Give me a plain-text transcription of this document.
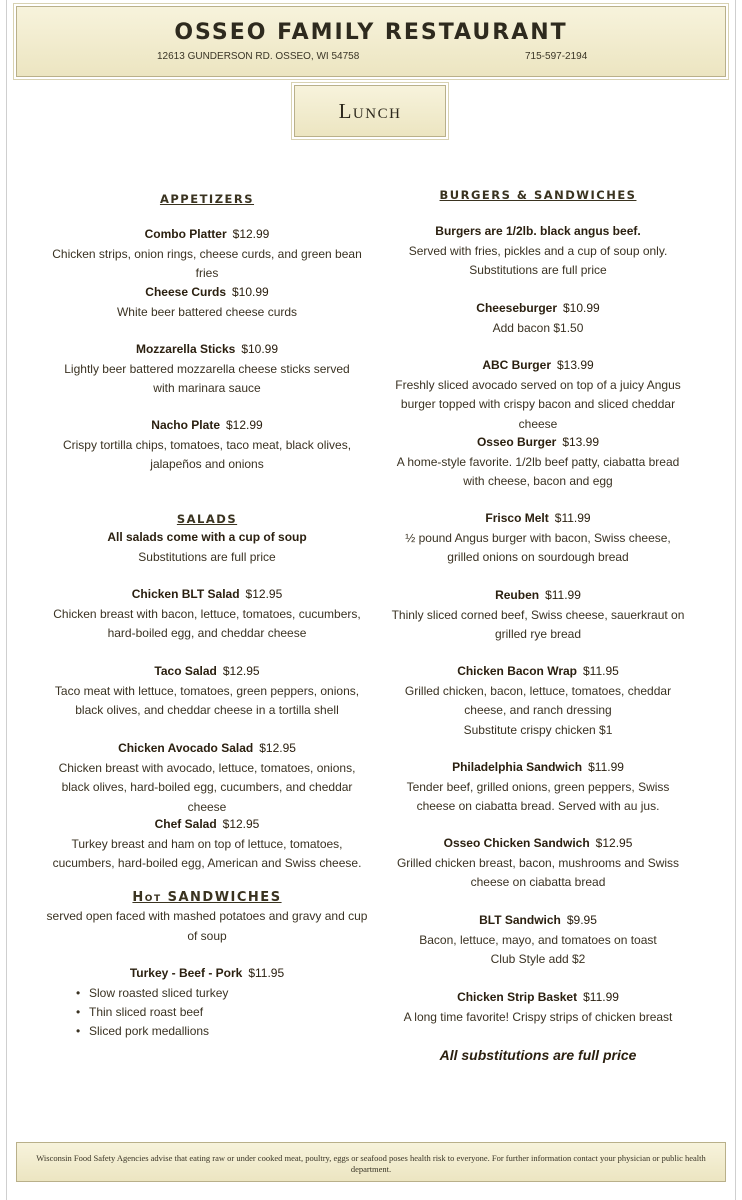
OSSEO FAMILY RESTAURANT
12613 GUNDERSON RD. OSSEO, WI 54758	715-597-2194
Lunch
APPETIZERS
Combo Platter $12.99
Chicken strips, onion rings, cheese curds, and green bean fries
Cheese Curds $10.99
White beer battered cheese curds
Mozzarella Sticks $10.99
Lightly beer battered mozzarella cheese sticks served with marinara sauce
Nacho Plate $12.99
Crispy tortilla chips, tomatoes, taco meat, black olives, jalapeños and onions
SALADS
All salads come with a cup of soup
Substitutions are full price
Chicken BLT Salad $12.95
Chicken breast with bacon, lettuce, tomatoes, cucumbers, hard-boiled egg, and cheddar cheese
Taco Salad $12.95
Taco meat with lettuce, tomatoes, green peppers, onions, black olives, and cheddar cheese in a tortilla shell
Chicken Avocado Salad $12.95
Chicken breast with avocado, lettuce, tomatoes, onions, black olives, hard-boiled egg, cucumbers, and cheddar cheese
Chef Salad $12.95
Turkey breast and ham on top of lettuce, tomatoes, cucumbers, hard-boiled egg, American and Swiss cheese.
Hot SANDWICHES
served open faced with mashed potatoes and gravy and cup of soup
Turkey - Beef - Pork $11.95
• Slow roasted sliced turkey
• Thin sliced roast beef
• Sliced pork medallions
BURGERS & SANDWICHES
Burgers are 1/2lb. black angus beef.
Served with fries, pickles and a cup of soup only.
Substitutions are full price
Cheeseburger $10.99
Add bacon $1.50
ABC Burger $13.99
Freshly sliced avocado served on top of a juicy Angus burger topped with crispy bacon and sliced cheddar cheese
Osseo Burger $13.99
A home-style favorite. 1/2lb beef patty, ciabatta bread with cheese, bacon and egg
Frisco Melt $11.99
½ pound Angus burger with bacon, Swiss cheese, grilled onions on sourdough bread
Reuben $11.99
Thinly sliced corned beef, Swiss cheese, sauerkraut on grilled rye bread
Chicken Bacon Wrap $11.95
Grilled chicken, bacon, lettuce, tomatoes, cheddar cheese, and ranch dressing
Substitute crispy chicken $1
Philadelphia Sandwich $11.99
Tender beef, grilled onions, green peppers, Swiss cheese on ciabatta bread. Served with au jus.
Osseo Chicken Sandwich $12.95
Grilled chicken breast, bacon, mushrooms and Swiss cheese on ciabatta bread
BLT Sandwich $9.95
Bacon, lettuce, mayo, and tomatoes on toast
Club Style add $2
Chicken Strip Basket $11.99
A long time favorite! Crispy strips of chicken breast
All substitutions are full price
Wisconsin Food Safety Agencies advise that eating raw or under cooked meat, poultry, eggs or seafood poses health risk to everyone. For further information contact your physician or public health department.
